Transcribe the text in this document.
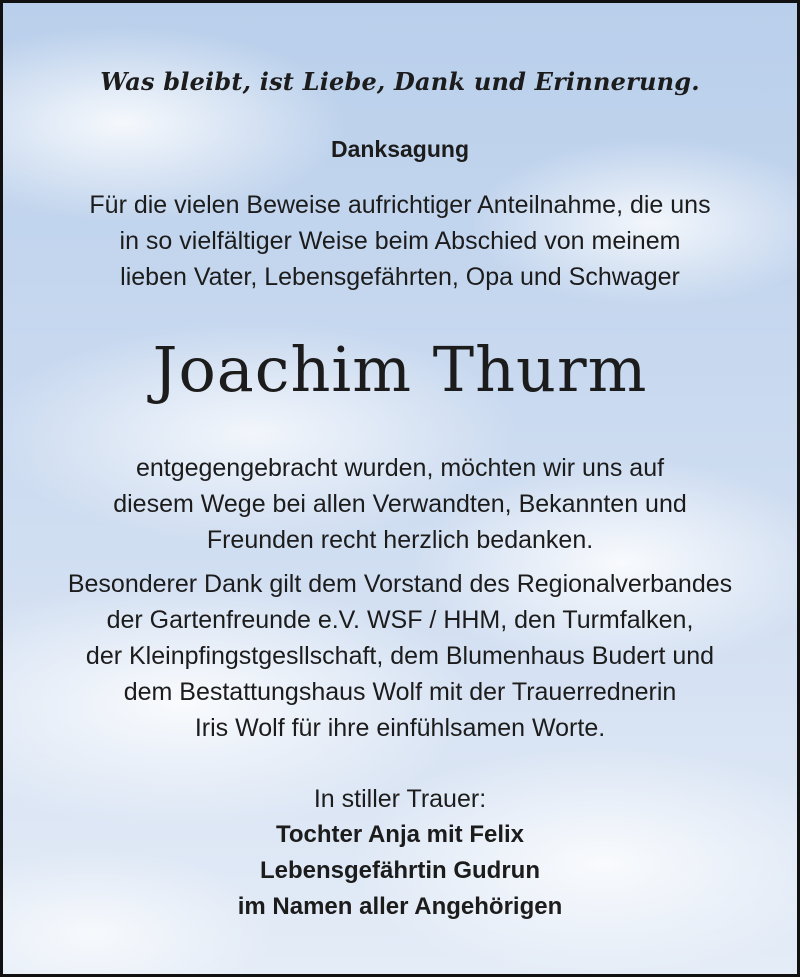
Was bleibt, ist Liebe, Dank und Erinnerung.
Danksagung
Für die vielen Beweise aufrichtiger Anteilnahme, die uns
in so vielfältiger Weise beim Abschied von meinem
lieben Vater, Lebensgefährten, Opa und Schwager
Joachim Thurm
entgegengebracht wurden, möchten wir uns auf
diesem Wege bei allen Verwandten, Bekannten und
Freunden recht herzlich bedanken.
Besonderer Dank gilt dem Vorstand des Regionalverbandes
der Gartenfreunde e.V. WSF / HHM, den Turmfalken,
der Kleinpfingstgesllschaft, dem Blumenhaus Budert und
dem Bestattungshaus Wolf mit der Trauerrednerin
Iris Wolf für ihre einfühlsamen Worte.
In stiller Trauer:
Tochter Anja mit Felix
Lebensgefährtin Gudrun
im Namen aller Angehörigen
